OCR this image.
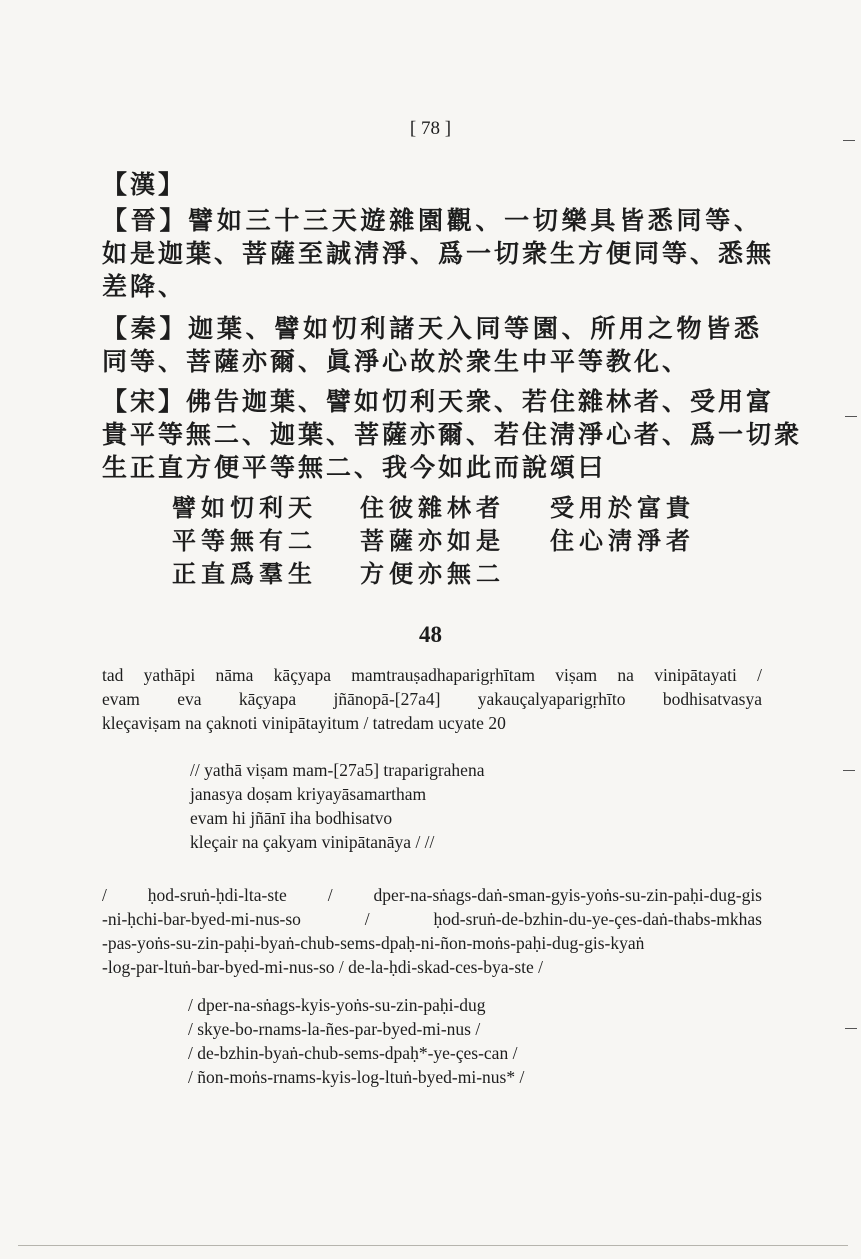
[ 78 ]
【漢】
【晉】譬如三十三天遊雜園觀、一切樂具皆悉同等、
如是迦葉、菩薩至誠淸淨、爲一切衆生方便同等、悉無
差降、
【秦】迦葉、譬如忉利諸天入同等園、所用之物皆悉
同等、菩薩亦爾、眞淨心故於衆生中平等教化、
【宋】佛告迦葉、譬如忉利天衆、若住雜林者、受用富
貴平等無二、迦葉、菩薩亦爾、若住淸淨心者、爲一切衆
生正直方便平等無二、我今如此而說頌曰
譬如忉利天	住彼雜林者	受用於富貴
平等無有二	菩薩亦如是	住心淸淨者
正直爲羣生	方便亦無二
48
tad yathāpi nāma kāçyapa mamtrauṣadhaparigṛhītam viṣam na vinipātayati /
evam eva kāçyapa jñānopā-[27a4] yakauçalyaparigṛhīto bodhisatvasya
kleçaviṣam na çaknoti vinipātayitum / tatredam ucyate 20
// yathā viṣam mam-[27a5] traparigrahena
janasya doṣam kriyayāsamartham
evam hi jñānī iha bodhisatvo
kleçair na çakyam vinipātanāya / //
/ ḥod-sruṅ-ḥdi-lta-ste / dper-na-sṅags-daṅ-sman-gyis-yoṅs-su-zin-paḥi-dug-gis
-ni-ḥchi-bar-byed-mi-nus-so / ḥod-sruṅ-de-bzhin-du-ye-çes-daṅ-thabs-mkhas
-pas-yoṅs-su-zin-paḥi-byaṅ-chub-sems-dpaḥ-ni-ñon-moṅs-paḥi-dug-gis-kyaṅ
-log-par-ltuṅ-bar-byed-mi-nus-so / de-la-ḥdi-skad-ces-bya-ste /
/ dper-na-sṅags-kyis-yoṅs-su-zin-paḥi-dug
/ skye-bo-rnams-la-ñes-par-byed-mi-nus /
/ de-bzhin-byaṅ-chub-sems-dpaḥ*-ye-çes-can /
/ ñon-moṅs-rnams-kyis-log-ltuṅ-byed-mi-nus* /
